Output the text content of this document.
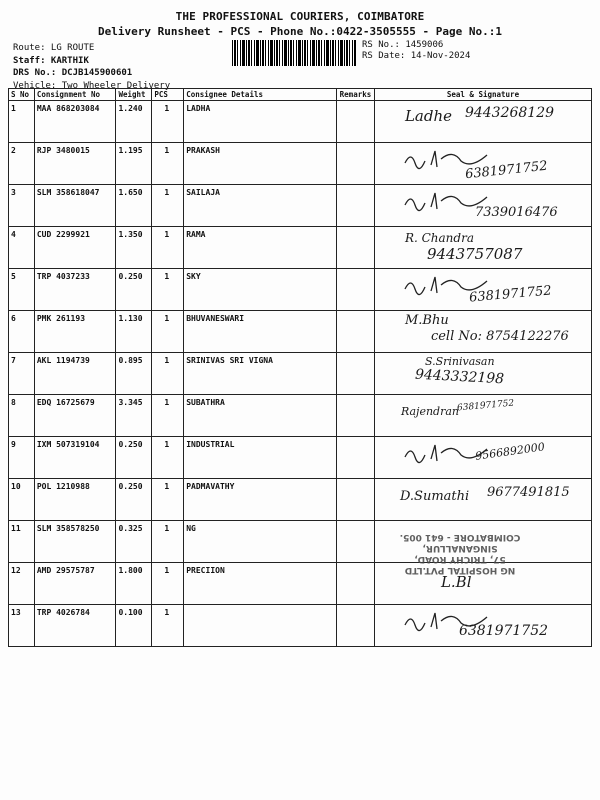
THE PROFESSIONAL COURIERS, COIMBATORE
Delivery Runsheet - PCS - Phone No.:0422-3505555 - Page No.:1
Route: LG ROUTE
Staff: KARTHIK
DRS No.: DCJB145900601
Vehicle: Two Wheeler Delivery
RS No.: 1459006
RS Date: 14-Nov-2024
S No	Consignment No	Weight	PCS	Consignee Details	Remarks	Seal & Signature
1	MAA 868203084	1.240	1	LADHA		Ladhe 9443268129

2	RJP 3480015	1.195	1	PRAKASH		6381971752

3	SLM 358618047	1.650	1	SAILAJA		7339016476

4	CUD 2299921	1.350	1	RAMA		R. Chandra
9443757087

5	TRP 4037233	0.250	1	SKY		6381971752

6	PMK 261193	1.130	1	BHUVANESWARI		M.Bhu
cell No: 8754122276

7	AKL 1194739	0.895	1	SRINIVAS SRI VIGNA		S.Srinivasan
9443332198

8	EDQ 16725679	3.345	1	SUBATHRA		Rajendran
6381971752

9	IXM 507319104	0.250	1	INDUSTRIAL		9566892000

10	POL 1210988	0.250	1	PADMAVATHY		D.Sumathi 9677491815

11	SLM 358578250	0.325	1	NG		NG HOSPITAL PVT.LTD
57, TRICHY ROAD,
SINGANALLUR,
COIMBATORE - 641 005.

12	AMD 29575787	1.800	1	PRECIION		L.Bl

13	TRP 4026784	0.100	1			6381971752
